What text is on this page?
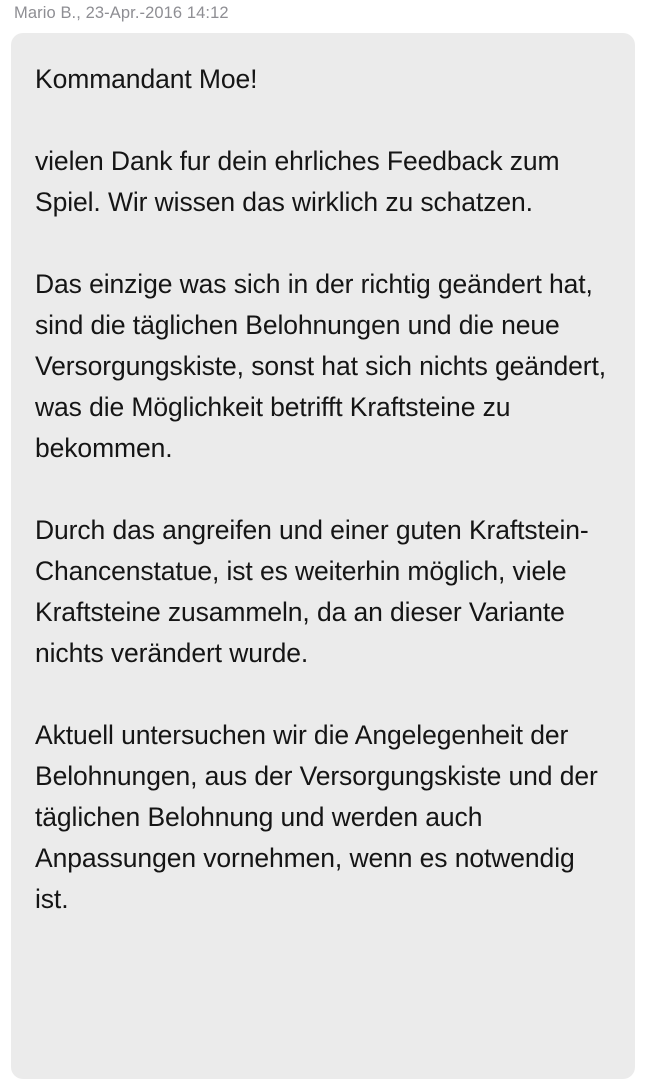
Mario B., 23-Apr.-2016 14:12

Kommandant Moe!

vielen Dank fur dein ehrliches Feedback zum Spiel. Wir wissen das wirklich zu schatzen.

Das einzige was sich in der richtig geändert hat, sind die täglichen Belohnungen und die neue Versorgungskiste, sonst hat sich nichts geändert, was die Möglichkeit betrifft Kraftsteine zu bekommen.

Durch das angreifen und einer guten Kraftstein-Chancenstatue, ist es weiterhin möglich, viele Kraftsteine zusammeln, da an dieser Variante nichts verändert wurde.

Aktuell untersuchen wir die Angelegenheit der Belohnungen, aus der Versorgungskiste und der täglichen Belohnung und werden auch Anpassungen vornehmen, wenn es notwendig ist.
